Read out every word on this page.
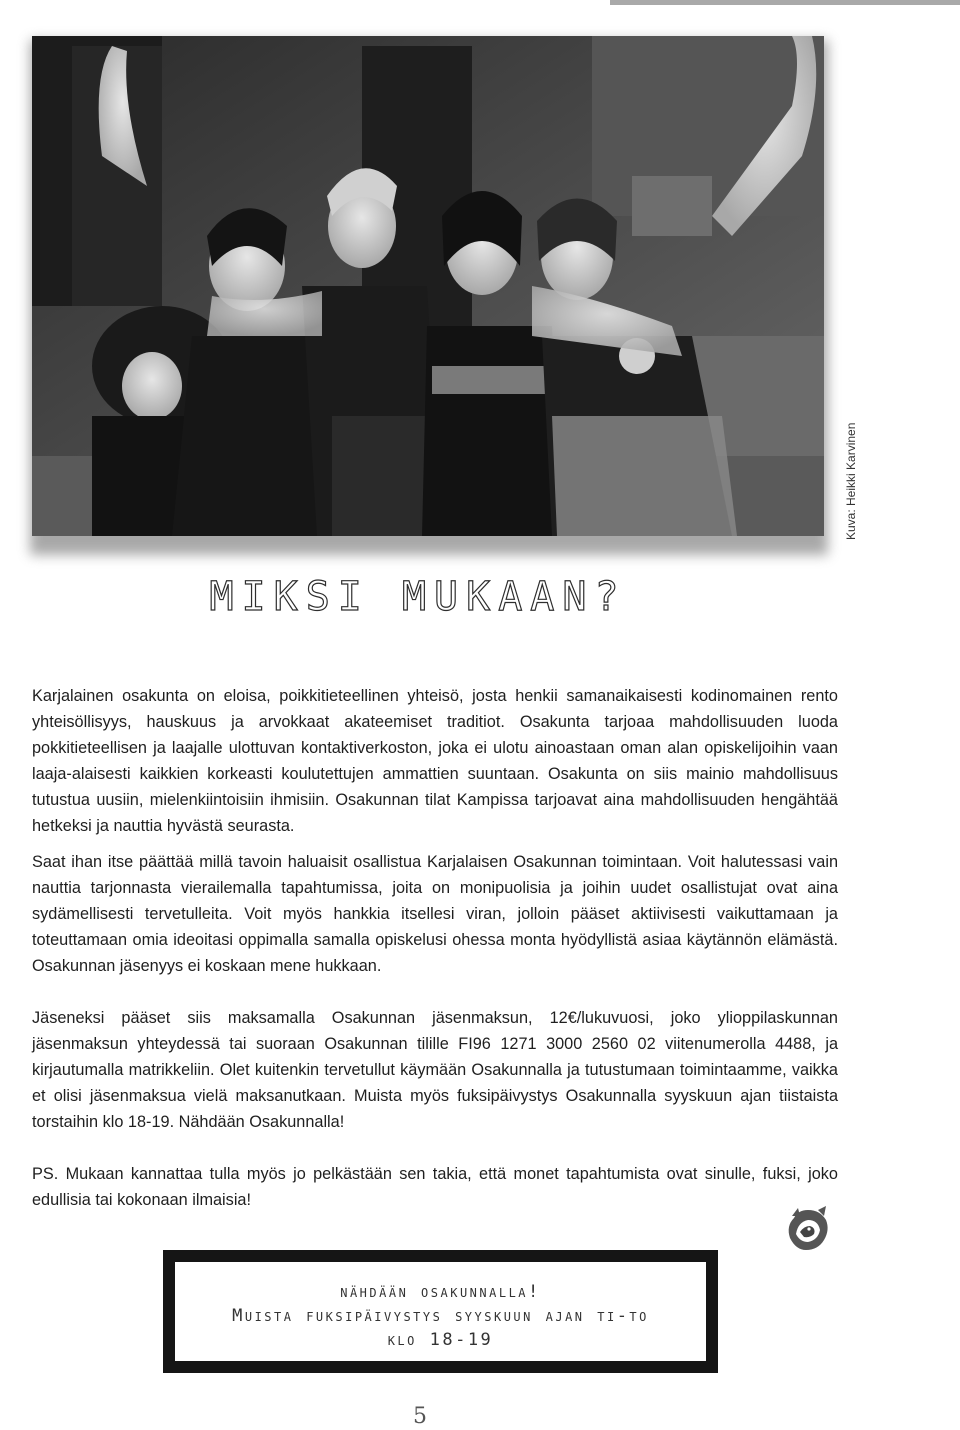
Kuva: Heikki Karvinen
MIKSI MUKAAN?

Karjalainen osakunta on eloisa, poikkitieteellinen yhteisö, josta henkii samanaikaisesti kodinomainen rento yhteisöllisyys, hauskuus ja arvokkaat akateemiset traditiot. Osakunta tarjoaa mahdollisuuden luoda pokkitieteellisen ja laajalle ulottuvan kontaktiverkoston, joka ei ulotu ainoastaan oman alan opiskelijoihin vaan laaja-alaisesti kaikkien korkeasti koulutettujen ammattien suuntaan. Osakunta on siis mainio mahdollisuus tutustua uusiin, mielenkiintoisiin ihmisiin. Osakunnan tilat Kampissa tarjoavat aina mahdollisuuden hengähtää hetkeksi ja nauttia hyvästä seurasta.

Saat ihan itse päättää millä tavoin haluaisit osallistua Karjalaisen Osakunnan toimintaan. Voit halutessasi vain nauttia tarjonnasta vierailemalla tapahtumissa, joita on monipuolisia ja joihin uudet osallistujat ovat aina sydämellisesti tervetulleita. Voit myös hankkia itsellesi viran, jolloin pääset aktiivisesti vaikuttamaan ja toteuttamaan omia ideoitasi oppimalla samalla opiskelusi ohessa monta hyödyllistä asiaa käytännön elämästä. Osakunnan jäsenyys ei koskaan mene hukkaan.

Jäseneksi pääset siis maksamalla Osakunnan jäsenmaksun, 12€/lukuvuosi, joko ylioppilaskunnan jäsenmaksun yhteydessä tai suoraan Osakunnan tilille FI96 1271 3000 2560 02 viitenumerolla 4488, ja kirjautumalla matrikkeliin. Olet kuitenkin tervetullut käymään Osakunnalla ja tutustumaan toimintaamme, vaikka et olisi jäsenmaksua vielä maksanutkaan. Muista myös fuksipäivystys Osakunnalla syyskuun ajan tiistaista torstaihin klo 18-19. Nähdään Osakunnalla!

PS. Mukaan kannattaa tulla myös jo pelkästään sen takia, että monet tapahtumista ovat sinulle, fuksi, joko edullisia tai kokonaan ilmaisia!

nähdään osakunnalla!
Muista fuksipäivystys syyskuun ajan ti-to
klo 18-19
5
